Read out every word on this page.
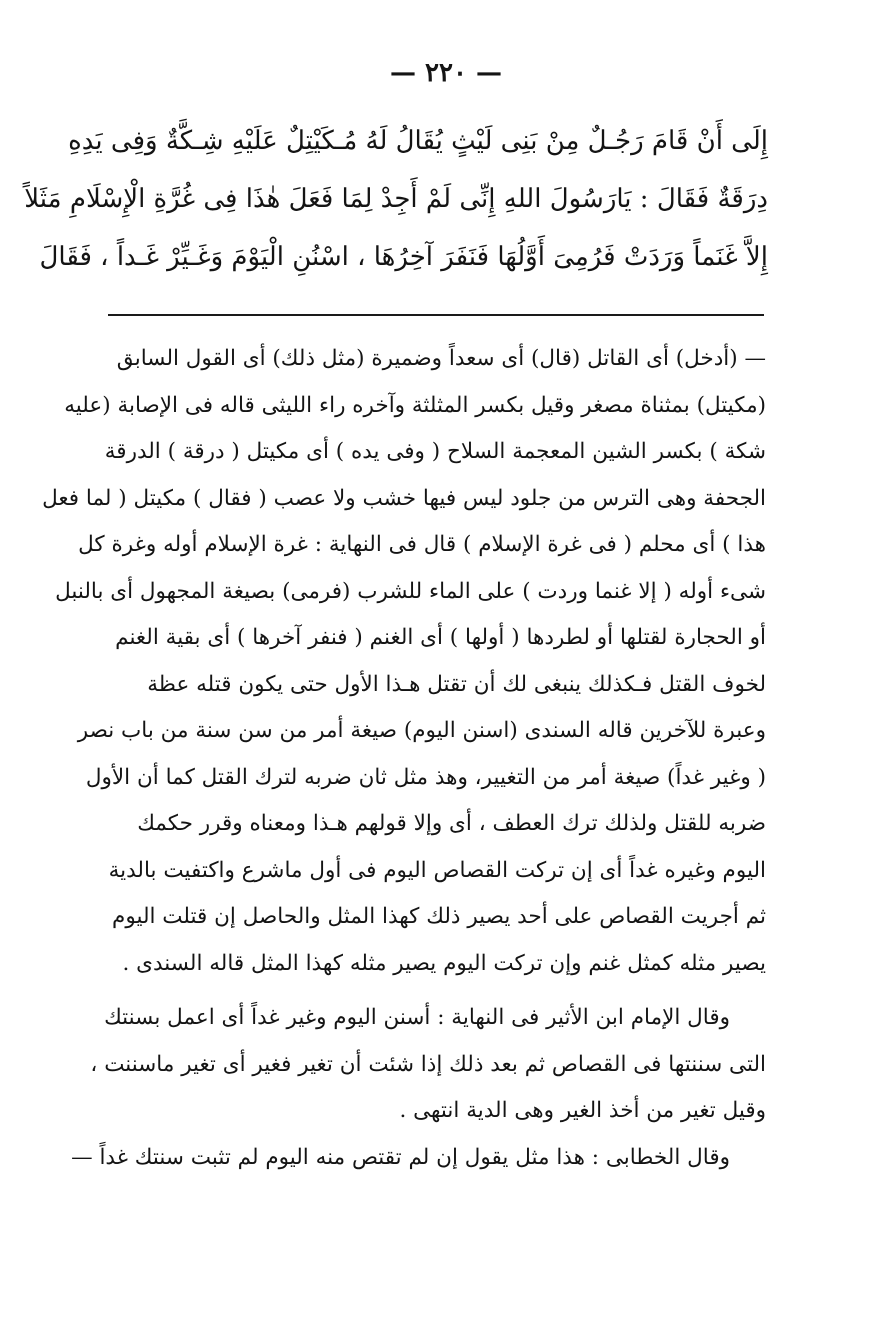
— ٢٢٠ —
إِلَى أَنْ قَامَ رَجُـلٌ مِنْ بَنِى لَيْثٍ يُقَالُ لَهُ مُـكَيْتِلٌ عَلَيْهِ شِـكَّةٌ وَفِى يَدِهِ
دِرَقَةٌ فَقَالَ : يَارَسُولَ اللهِ إِنِّى لَمْ أَجِدْ لِمَا فَعَلَ هٰذَا فِى غُرَّةِ الْإِسْلَامِ مَثَلاً
إِلاَّ غَنَماً وَرَدَتْ فَرُمِىَ أَوَّلُهَا فَنَفَرَ آخِرُهَا ، اسْنُنِ الْيَوْمَ وَغَـيِّرْ غَـداً ، فَقَالَ

— (أدخل) أى القاتل (قال) أى سعداً وضميرة (مثل ذلك) أى القول السابق
(مكيتل) بمثناة مصغر وقيل بكسر المثلثة وآخره راء الليثى قاله فى الإصابة (عليه
شكة ) بكسر الشين المعجمة السلاح ( وفى يده ) أى مكيتل ( درقة ) الدرقة
الجحفة وهى الترس من جلود ليس فيها خشب ولا عصب ( فقال ) مكيتل ( لما فعل
هذا ) أى محلم ( فى غرة الإسلام ) قال فى النهاية : غرة الإسلام أوله وغرة كل
شىء أوله ( إلا غنما وردت ) على الماء للشرب (فرمى) بصيغة المجهول أى بالنبل
أو الحجارة لقتلها أو لطردها ( أولها ) أى الغنم ( فنفر آخرها ) أى بقية الغنم
لخوف القتل فـكذلك ينبغى لك أن تقتل هـذا الأول حتى يكون قتله عظة
وعبرة للآخرين قاله السندى (اسنن اليوم) صيغة أمر من سن سنة من باب نصر
( وغير غداً) صيغة أمر من التغيير، وهذ مثل ثان ضربه لترك القتل كما أن الأول
ضربه للقتل ولذلك ترك العطف ، أى وإلا قولهم هـذا ومعناه وقرر حكمك
اليوم وغيره غداً أى إن تركت القصاص اليوم فى أول ماشرع واكتفيت بالدية
ثم أجريت القصاص على أحد يصير ذلك كهذا المثل والحاصل إن قتلت اليوم
يصير مثله كمثل غنم وإن تركت اليوم يصير مثله كهذا المثل قاله السندى .

وقال الإمام ابن الأثير فى النهاية : أسنن اليوم وغير غداً أى اعمل بسنتك
التى سننتها فى القصاص ثم بعد ذلك إذا شئت أن تغير فغير أى تغير ماسننت ،
وقيل تغير من أخذ الغير وهى الدية انتهى .

وقال الخطابى : هذا مثل يقول إن لم تقتص منه اليوم لم تثبت سنتك غداً —
